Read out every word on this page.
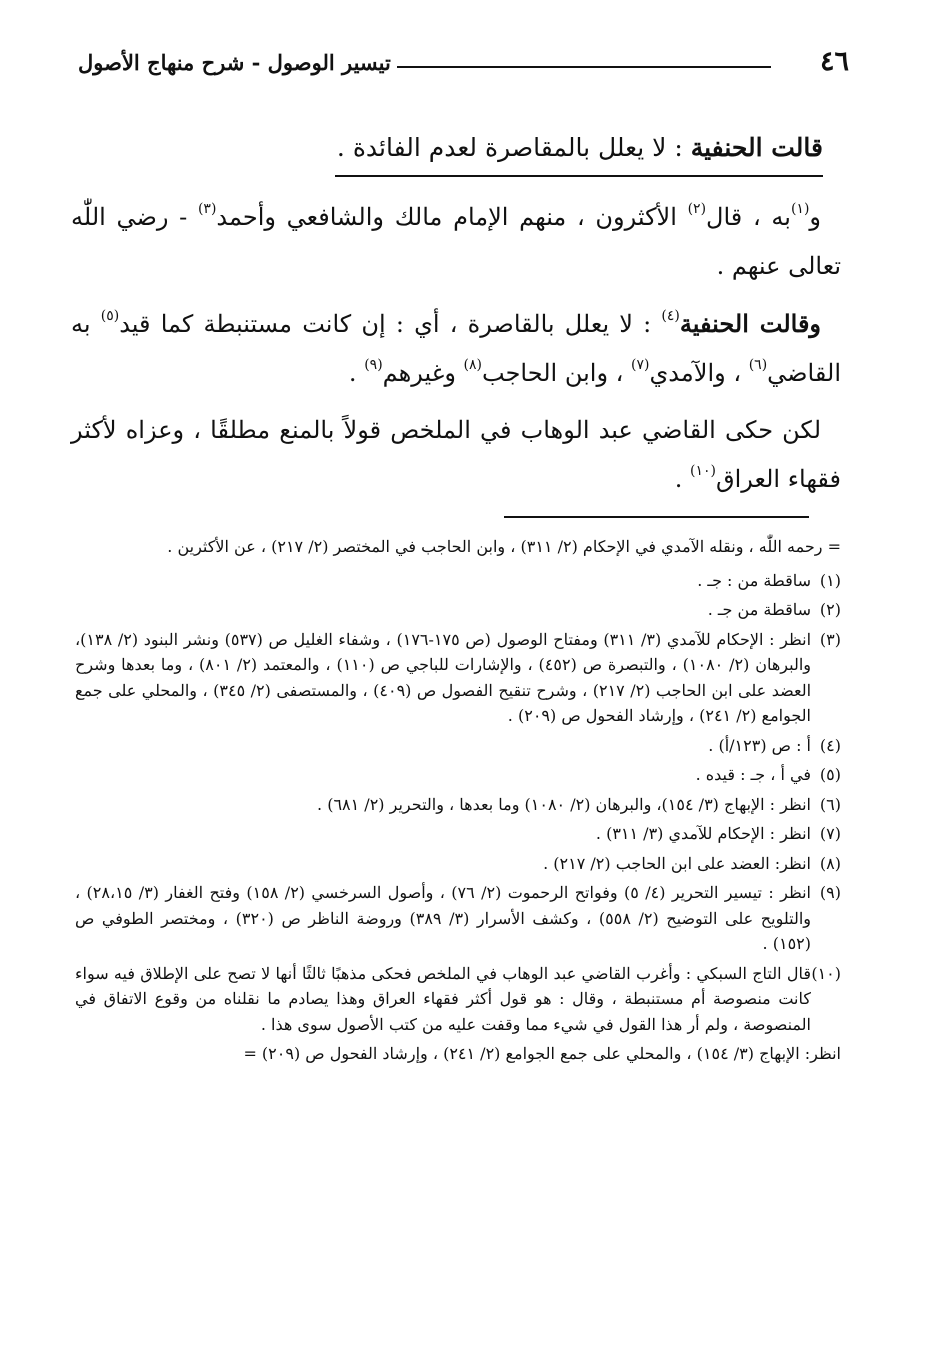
٤٦
تيسير الوصول - شرح منهاج الأصول
قالت الحنفية : لا يعلل بالمقاصرة لعدم الفائدة .

و$^{(١)}$به ، قال$^{(٢)}$ الأكثرون ، منهم الإمام مالك والشافعي وأحمد$^{(٣)}$ - رضي اللّٰه تعالى عنهم .

وقالت الحنفية$^{(٤)}$ : لا يعلل بالقاصرة ، أي : إن كانت مستنبطة كما قيد$^{(٥)}$ به القاضي$^{(٦)}$ ، والآمدي$^{(٧)}$ ، وابن الحاجب$^{(٨)}$ وغيرهم$^{(٩)}$ .

لكن حكى القاضي عبد الوهاب في الملخص قولاً بالمنع مطلقًا ، وعزاه لأكثر فقهاء العراق$^{(١٠)}$ .

= رحمه اللّٰه ، ونقله الآمدي في الإحكام (٢/ ٣١١) ، وابن الحاجب في المختصر (٢/ ٢١٧) ، عن الأكثرين .

(١)ساقطة من : جـ .

(٢)ساقطة من جـ .

(٣)انظر : الإحكام للآمدي (٣/ ٣١١) ومفتاح الوصول (ص ١٧٥-١٧٦) ، وشفاء الغليل ص (٥٣٧) ونشر البنود (٢/ ١٣٨)، والبرهان (٢/ ١٠٨٠) ، والتبصرة ص (٤٥٢) ، والإشارات للباجي ص (١١٠) ، والمعتمد (٢/ ٨٠١) ، وما بعدها وشرح العضد على ابن الحاجب (٢/ ٢١٧) ، وشرح تنقيح الفصول ص (٤٠٩) ، والمستصفى (٢/ ٣٤٥) ، والمحلي على جمع الجوامع (٢/ ٢٤١) ، وإرشاد الفحول ص (٢٠٩) .

(٤)أ : ص (١٢٣/أ) .

(٥)في أ ، جـ : قيده .

(٦)انظر : الإبهاج (٣/ ١٥٤)، والبرهان (٢/ ١٠٨٠) وما بعدها ، والتحرير (٢/ ٦٨١) .

(٧)انظر : الإحكام للآمدي (٣/ ٣١١) .

(٨)انظر: العضد على ابن الحاجب (٢/ ٢١٧) .

(٩)انظر : تيسير التحرير (٤/ ٥) وفواتح الرحموت (٢/ ٧٦) ، وأصول السرخسي (٢/ ١٥٨) وفتح الغفار (٣/ ٢٨،١٥) ، والتلويح على التوضيح (٢/ ٥٥٨) ، وكشف الأسرار (٣/ ٣٨٩) وروضة الناظر ص (٣٢٠) ، ومختصر الطوفي ص (١٥٢) .

(١٠)قال التاج السبكي : وأغرب القاضي عبد الوهاب في الملخص فحكى مذهبًا ثالثًا أنها لا تصح على الإطلاق فيه سواء كانت منصوصة أم مستنبطة ، وقال : هو قول أكثر فقهاء العراق وهذا يصادم ما نقلناه من وقوع الاتفاق في المنصوصة ، ولم أر هذا القول في شيء مما وقفت عليه من كتب الأصول سوى هذا .

انظر: الإبهاج (٣/ ١٥٤) ، والمحلي على جمع الجوامع (٢/ ٢٤١) ، وإرشاد الفحول ص (٢٠٩) =
